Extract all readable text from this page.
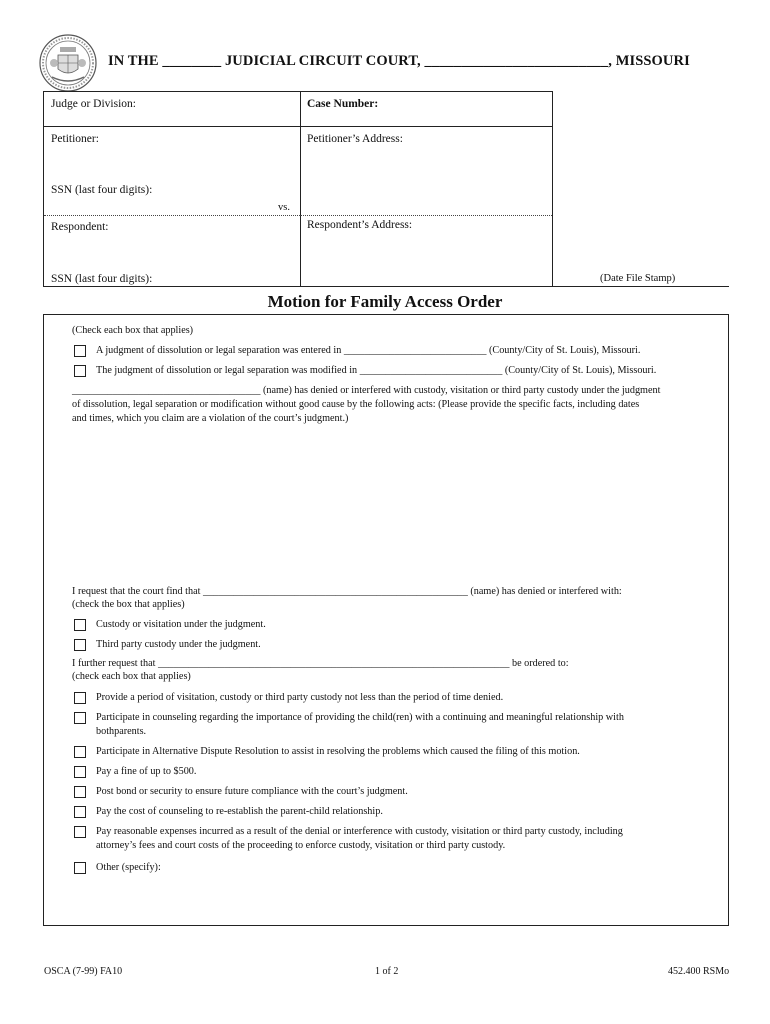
IN THE ________ JUDICIAL CIRCUIT COURT, _________________________, MISSOURI
Judge or Division:	Case Number:
Petitioner:	Petitioner’s Address:
SSN (last four digits):
vs.
Respondent:	Respondent’s Address:
SSN (last four digits):	(Date File Stamp)
Motion for Family Access Order
(Check each box that applies)
A judgment of dissolution or legal separation was entered in ____________________________ (County/City of St. Louis), Missouri.
The judgment of dissolution or legal separation was modified in ____________________________ (County/City of St. Louis), Missouri.
_____________________________________ (name) has denied or interfered with custody, visitation or third party custody under the judgment
of dissolution, legal separation or modification without good cause by the following acts: (Please provide the specific facts, including dates
and times, which you claim are a violation of the court’s judgment.)
I request that the court find that ____________________________________________________ (name) has denied or interfered with:
(check the box that applies)
Custody or visitation under the judgment.
Third party custody under the judgment.
I further request that _____________________________________________________________________ be ordered to:
(check each box that applies)
Provide a period of visitation, custody or third party custody not less than the period of time denied.
Participate in counseling regarding the importance of providing the child(ren) with a continuing and meaningful relationship with
bothparents.
Participate in Alternative Dispute Resolution to assist in resolving the problems which caused the filing of this motion.
Pay a fine of up to $500.
Post bond or security to ensure future compliance with the court’s judgment.
Pay the cost of counseling to re-establish the parent-child relationship.
Pay reasonable expenses incurred as a result of the denial or interference with custody, visitation or third party custody, including
attorney’s fees and court costs of the proceeding to enforce custody, visitation or third party custody.
Other (specify):
OSCA (7-99) FA10	1 of 2	452.400 RSMo
